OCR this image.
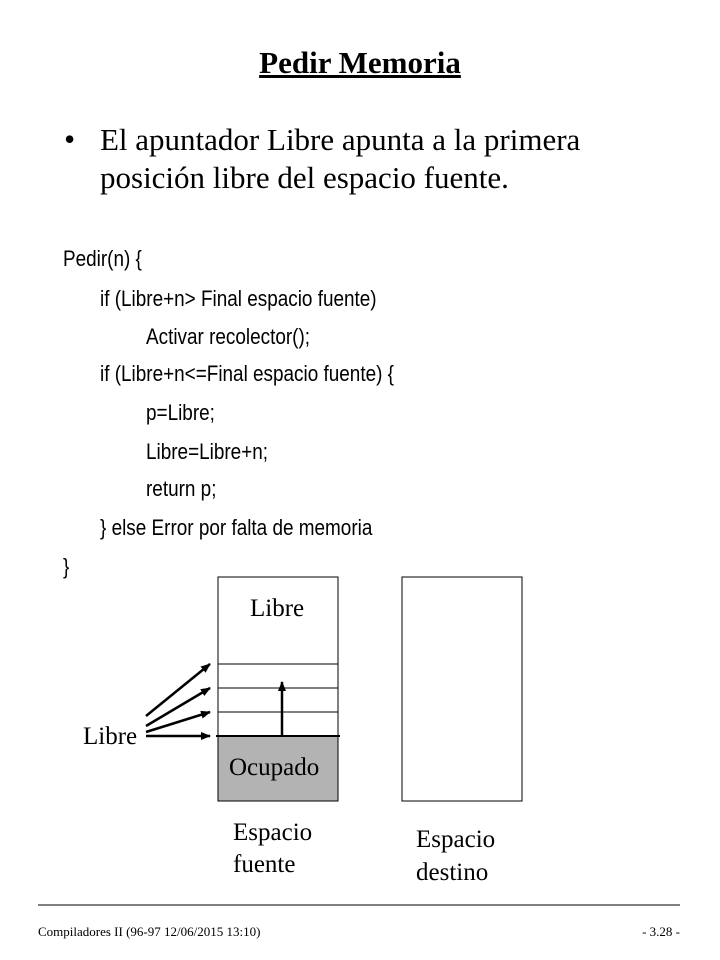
Pedir Memoria
• El apuntador Libre apunta a la primera
posición libre del espacio fuente.
Pedir(n) {
if (Libre+n> Final espacio fuente)
Activar recolector();
if (Libre+n<=Final espacio fuente) {
p=Libre;
Libre=Libre+n;
return p;
} else Error por falta de memoria
}
Libre
Ocupado
Libre
Espacio
fuente
Espacio
destino
Compiladores II (96-97 12/06/2015 13:10)	- 3.28 -
